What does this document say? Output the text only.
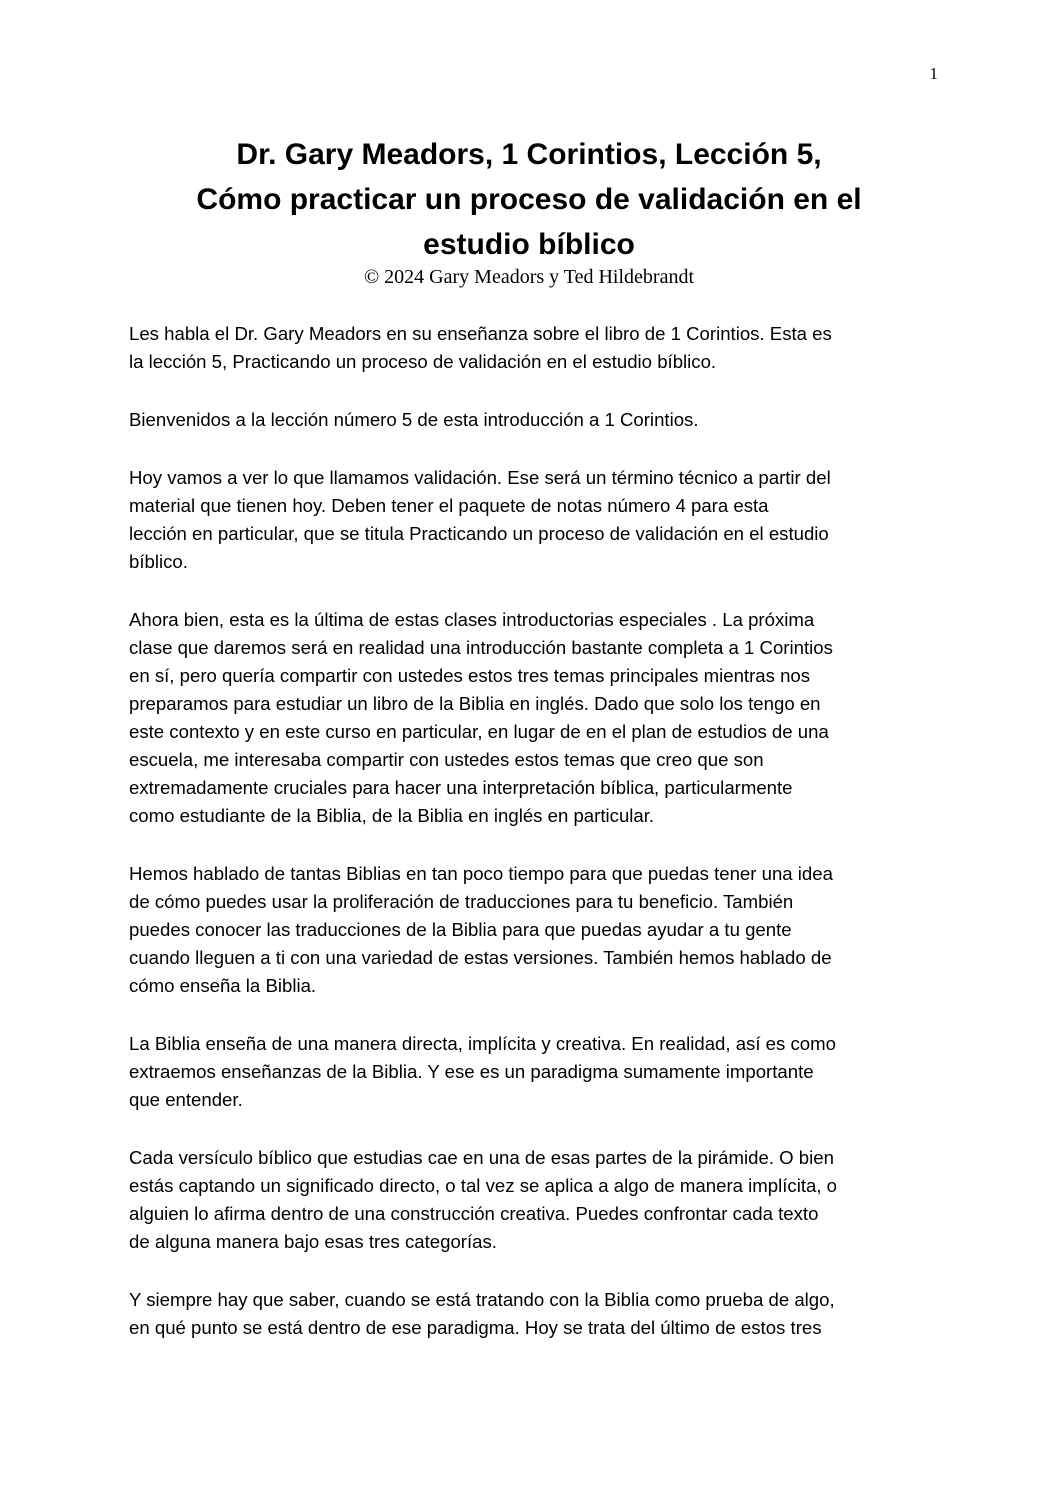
1
Dr. Gary Meadors, 1 Corintios, Lección 5,
Cómo practicar un proceso de validación en el
estudio bíblico

© 2024 Gary Meadors y Ted Hildebrandt

Les habla el Dr. Gary Meadors en su enseñanza sobre el libro de 1 Corintios. Esta es
la lección 5, Practicando un proceso de validación en el estudio bíblico.

Bienvenidos a la lección número 5 de esta introducción a 1 Corintios.

Hoy vamos a ver lo que llamamos validación. Ese será un término técnico a partir del
material que tienen hoy. Deben tener el paquete de notas número 4 para esta
lección en particular, que se titula Practicando un proceso de validación en el estudio
bíblico.

Ahora bien, esta es la última de estas clases introductorias especiales . La próxima
clase que daremos será en realidad una introducción bastante completa a 1 Corintios
en sí, pero quería compartir con ustedes estos tres temas principales mientras nos
preparamos para estudiar un libro de la Biblia en inglés. Dado que solo los tengo en
este contexto y en este curso en particular, en lugar de en el plan de estudios de una
escuela, me interesaba compartir con ustedes estos temas que creo que son
extremadamente cruciales para hacer una interpretación bíblica, particularmente
como estudiante de la Biblia, de la Biblia en inglés en particular.

Hemos hablado de tantas Biblias en tan poco tiempo para que puedas tener una idea
de cómo puedes usar la proliferación de traducciones para tu beneficio. También
puedes conocer las traducciones de la Biblia para que puedas ayudar a tu gente
cuando lleguen a ti con una variedad de estas versiones. También hemos hablado de
cómo enseña la Biblia.

La Biblia enseña de una manera directa, implícita y creativa. En realidad, así es como
extraemos enseñanzas de la Biblia. Y ese es un paradigma sumamente importante
que entender.

Cada versículo bíblico que estudias cae en una de esas partes de la pirámide. O bien
estás captando un significado directo, o tal vez se aplica a algo de manera implícita, o
alguien lo afirma dentro de una construcción creativa. Puedes confrontar cada texto
de alguna manera bajo esas tres categorías.

Y siempre hay que saber, cuando se está tratando con la Biblia como prueba de algo,
en qué punto se está dentro de ese paradigma. Hoy se trata del último de estos tres
